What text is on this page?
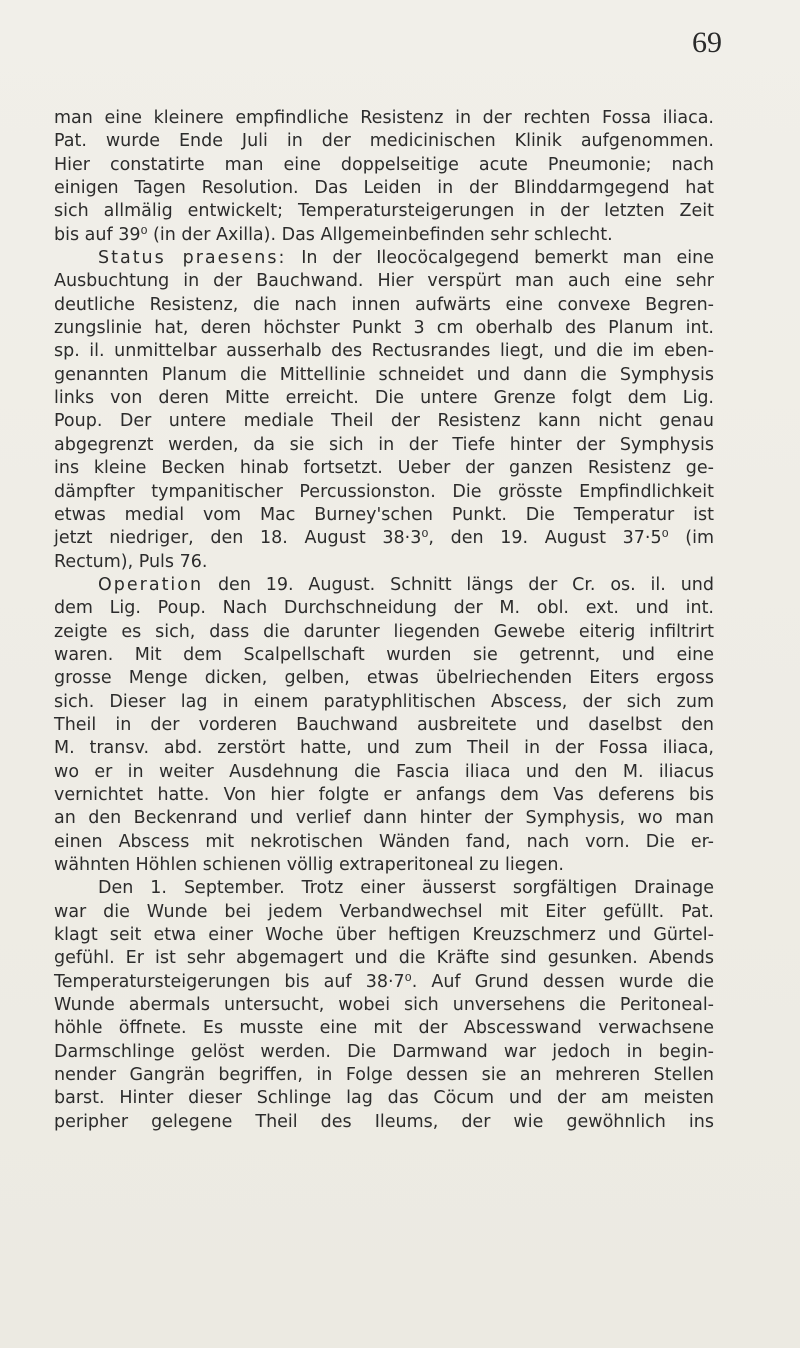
69
man eine kleinere empfindliche Resistenz in der rechten Fossa iliaca.
Pat. wurde Ende Juli in der medicinischen Klinik aufgenommen.
Hier constatirte man eine doppelseitige acute Pneumonie; nach
einigen Tagen Resolution. Das Leiden in der Blinddarmgegend hat
sich allmälig entwickelt; Temperatursteigerungen in der letzten Zeit
bis auf 39⁰ (in der Axilla). Das Allgemeinbefinden sehr schlecht.
Status praesens: In der Ileocöcalgegend bemerkt man eine
Ausbuchtung in der Bauchwand. Hier verspürt man auch eine sehr
deutliche Resistenz, die nach innen aufwärts eine convexe Begren-
zungslinie hat, deren höchster Punkt 3 cm oberhalb des Planum int.
sp. il. unmittelbar ausserhalb des Rectusrandes liegt, und die im eben-
genannten Planum die Mittellinie schneidet und dann die Symphysis
links von deren Mitte erreicht. Die untere Grenze folgt dem Lig.
Poup. Der untere mediale Theil der Resistenz kann nicht genau
abgegrenzt werden, da sie sich in der Tiefe hinter der Symphysis
ins kleine Becken hinab fortsetzt. Ueber der ganzen Resistenz ge-
dämpfter tympanitischer Percussionston. Die grösste Empfindlichkeit
etwas medial vom Mac Burney'schen Punkt. Die Temperatur ist
jetzt niedriger, den 18. August 38·3⁰, den 19. August 37·5⁰ (im
Rectum), Puls 76.
Operation den 19. August. Schnitt längs der Cr. os. il. und
dem Lig. Poup. Nach Durchschneidung der M. obl. ext. und int.
zeigte es sich, dass die darunter liegenden Gewebe eiterig infiltrirt
waren. Mit dem Scalpellschaft wurden sie getrennt, und eine
grosse Menge dicken, gelben, etwas übelriechenden Eiters ergoss
sich. Dieser lag in einem paratyphlitischen Abscess, der sich zum
Theil in der vorderen Bauchwand ausbreitete und daselbst den
M. transv. abd. zerstört hatte, und zum Theil in der Fossa iliaca,
wo er in weiter Ausdehnung die Fascia iliaca und den M. iliacus
vernichtet hatte. Von hier folgte er anfangs dem Vas deferens bis
an den Beckenrand und verlief dann hinter der Symphysis, wo man
einen Abscess mit nekrotischen Wänden fand, nach vorn. Die er-
wähnten Höhlen schienen völlig extraperitoneal zu liegen.
Den 1. September. Trotz einer äusserst sorgfältigen Drainage
war die Wunde bei jedem Verbandwechsel mit Eiter gefüllt. Pat.
klagt seit etwa einer Woche über heftigen Kreuzschmerz und Gürtel-
gefühl. Er ist sehr abgemagert und die Kräfte sind gesunken. Abends
Temperatursteigerungen bis auf 38·7⁰. Auf Grund dessen wurde die
Wunde abermals untersucht, wobei sich unversehens die Peritoneal-
höhle öffnete. Es musste eine mit der Abscesswand verwachsene
Darmschlinge gelöst werden. Die Darmwand war jedoch in begin-
nender Gangrän begriffen, in Folge dessen sie an mehreren Stellen
barst. Hinter dieser Schlinge lag das Cöcum und der am meisten
peripher gelegene Theil des Ileums, der wie gewöhnlich ins
